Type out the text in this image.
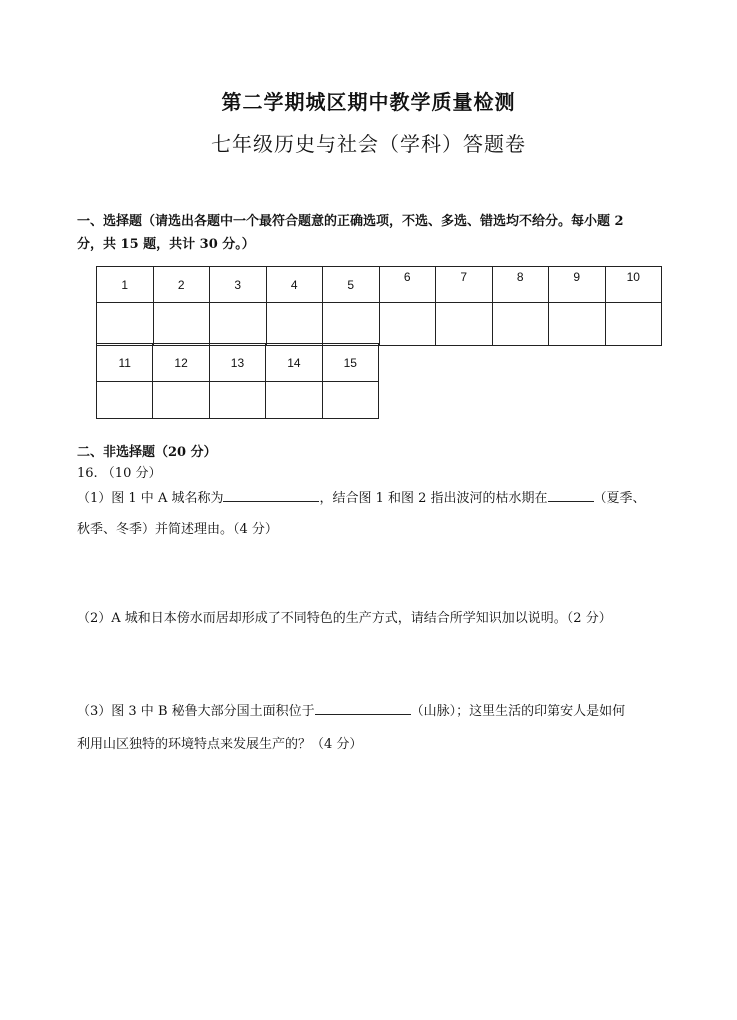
第二学期城区期中教学质量检测
七年级历史与社会（学科）答题卷
一、选择题（请选出各题中一个最符合题意的正确选项，不选、多选、错选均不给分。每小题 2
分，共 15 题，共计 30 分。）
1	2	3	4	5	6	7	8	9	10

11	12	13	14	15

二、非选择题（20 分）
16. （10 分）
（1）图 1 中 A 城名称为	，结合图 1 和图 2 指出波河的枯水期在	（夏季、
秋季、冬季）并简述理由。（4 分）
（2）A 城和日本傍水而居却形成了不同特色的生产方式，请结合所学知识加以说明。（2 分）
（3）图 3 中 B 秘鲁大部分国土面积位于	（山脉）；这里生活的印第安人是如何
利用山区独特的环境特点来发展生产的？（4 分）
